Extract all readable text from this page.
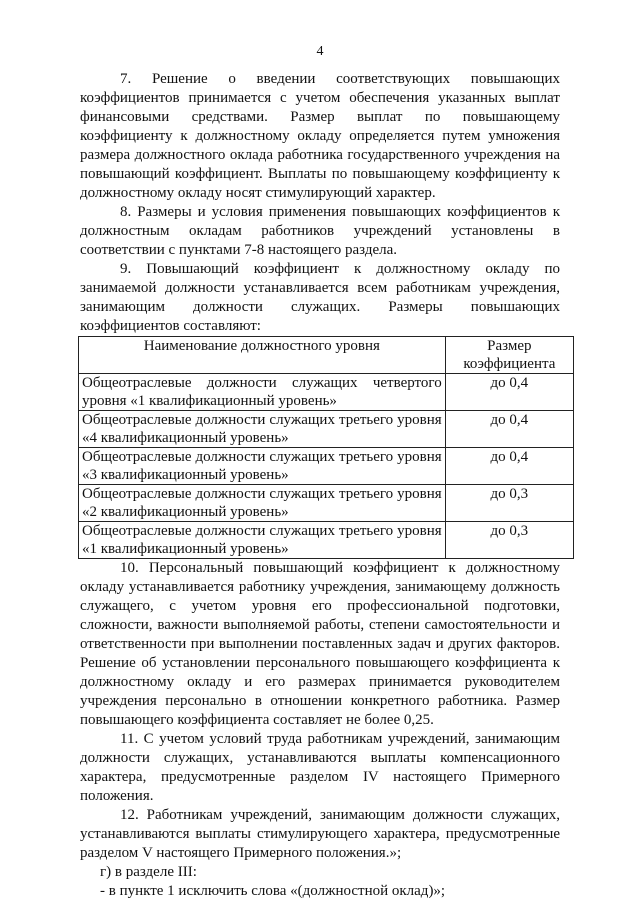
4

7. Решение о введении соответствующих повышающих коэффициентов принимается с учетом обеспечения указанных выплат финансовыми средствами. Размер выплат по повышающему коэффициенту к должностному окладу определяется путем умножения размера должностного оклада работника государственного учреждения на повышающий коэффициент. Выплаты по повышающему коэффициенту к должностному окладу носят стимулирующий характер.

8. Размеры и условия применения повышающих коэффициентов к должностным окладам работников учреждений установлены в соответствии с пунктами 7-8 настоящего раздела.

9. Повышающий коэффициент к должностному окладу по занимаемой должности устанавливается всем работникам учреждения, занимающим должности служащих. Размеры повышающих коэффициентов составляют:

Наименование должностного уровня	Размер коэффициента
Общеотраслевые должности служащих четвертого уровня «1 квалификационный уровень»	до 0,4
Общеотраслевые должности служащих третьего уровня «4 квалификационный уровень»	до 0,4
Общеотраслевые должности служащих третьего уровня «3 квалификационный уровень»	до 0,4
Общеотраслевые должности служащих третьего уровня «2 квалификационный уровень»	до 0,3
Общеотраслевые должности служащих третьего уровня «1 квалификационный уровень»	до 0,3

10. Персональный повышающий коэффициент к должностному окладу устанавливается работнику учреждения, занимающему должность служащего, с учетом уровня его профессиональной подготовки, сложности, важности выполняемой работы, степени самостоятельности и ответственности при выполнении поставленных задач и других факторов. Решение об установлении персонального повышающего коэффициента к должностному окладу и его размерах принимается руководителем учреждения персонально в отношении конкретного работника. Размер повышающего коэффициента составляет не более 0,25.

11. С учетом условий труда работникам учреждений, занимающим должности служащих, устанавливаются выплаты компенсационного характера, предусмотренные разделом IV настоящего Примерного положения.

12. Работникам учреждений, занимающим должности служащих, устанавливаются выплаты стимулирующего характера, предусмотренные разделом V настоящего Примерного положения.»;

г) в разделе III:

- в пункте 1 исключить слова «(должностной оклад)»;
